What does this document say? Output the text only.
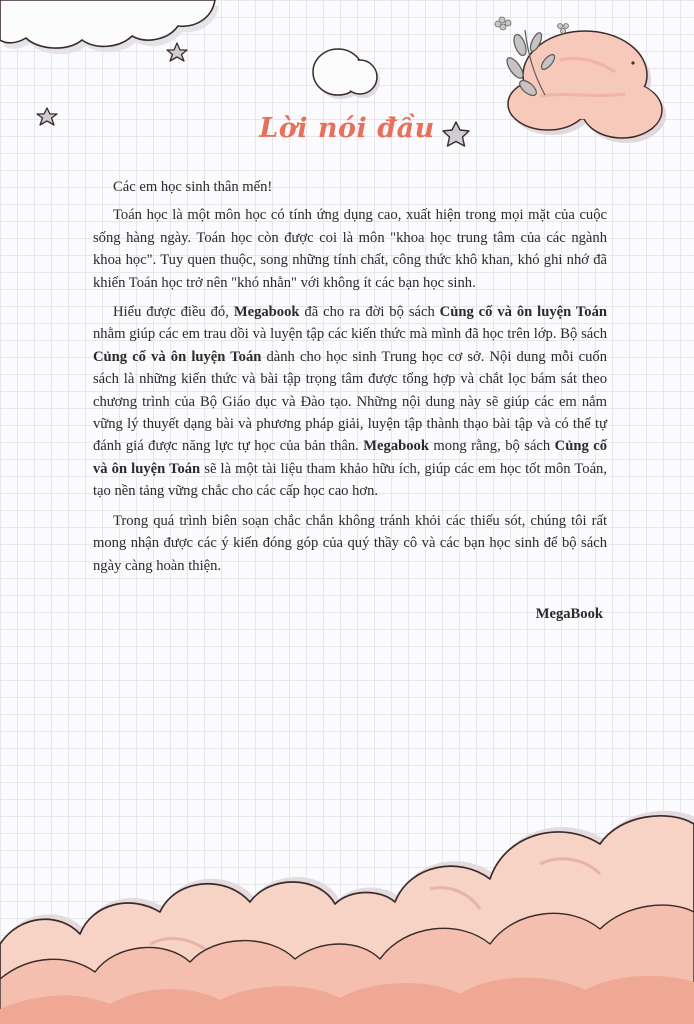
Lời nói đầu

Các em học sinh thân mến!

Toán học là một môn học có tính ứng dụng cao, xuất hiện trong mọi mặt của cuộc sống hàng ngày. Toán học còn được coi là môn "khoa học trung tâm của các ngành khoa học". Tuy quen thuộc, song những tính chất, công thức khô khan, khó ghi nhớ đã khiến Toán học trở nên "khó nhằn" với không ít các bạn học sinh.

Hiểu được điều đó, Megabook đã cho ra đời bộ sách Củng cố và ôn luyện Toán nhằm giúp các em trau dồi và luyện tập các kiến thức mà mình đã học trên lớp. Bộ sách Củng cố và ôn luyện Toán dành cho học sinh Trung học cơ sở. Nội dung mỗi cuốn sách là những kiến thức và bài tập trọng tâm được tổng hợp và chắt lọc bám sát theo chương trình của Bộ Giáo dục và Đào tạo. Những nội dung này sẽ giúp các em nắm vững lý thuyết dạng bài và phương pháp giải, luyện tập thành thạo bài tập và có thể tự đánh giá được năng lực tự học của bản thân. Megabook mong rằng, bộ sách Củng cố và ôn luyện Toán sẽ là một tài liệu tham khảo hữu ích, giúp các em học tốt môn Toán, tạo nền tảng vững chắc cho các cấp học cao hơn.

Trong quá trình biên soạn chắc chắn không tránh khỏi các thiếu sót, chúng tôi rất mong nhận được các ý kiến đóng góp của quý thầy cô và các bạn học sinh để bộ sách ngày càng hoàn thiện.

MegaBook
